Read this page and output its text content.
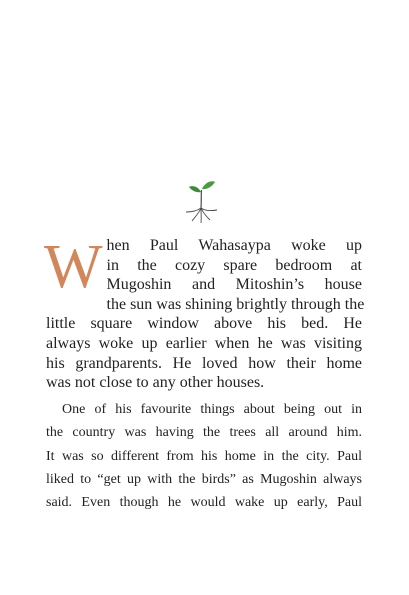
W hen Paul Wahasaypa woke up
in the cozy spare bedroom at
Mugoshin and Mitoshin’s house
the sun was shining brightly through the
little square window above his bed. He
always woke up earlier when he was visiting
his grandparents. He loved how their home
was not close to any other houses.

One of his favourite things about being out in
the country was having the trees all around him.
It was so different from his home in the city. Paul
liked to “get up with the birds” as Mugoshin always
said. Even though he would wake up early, Paul
